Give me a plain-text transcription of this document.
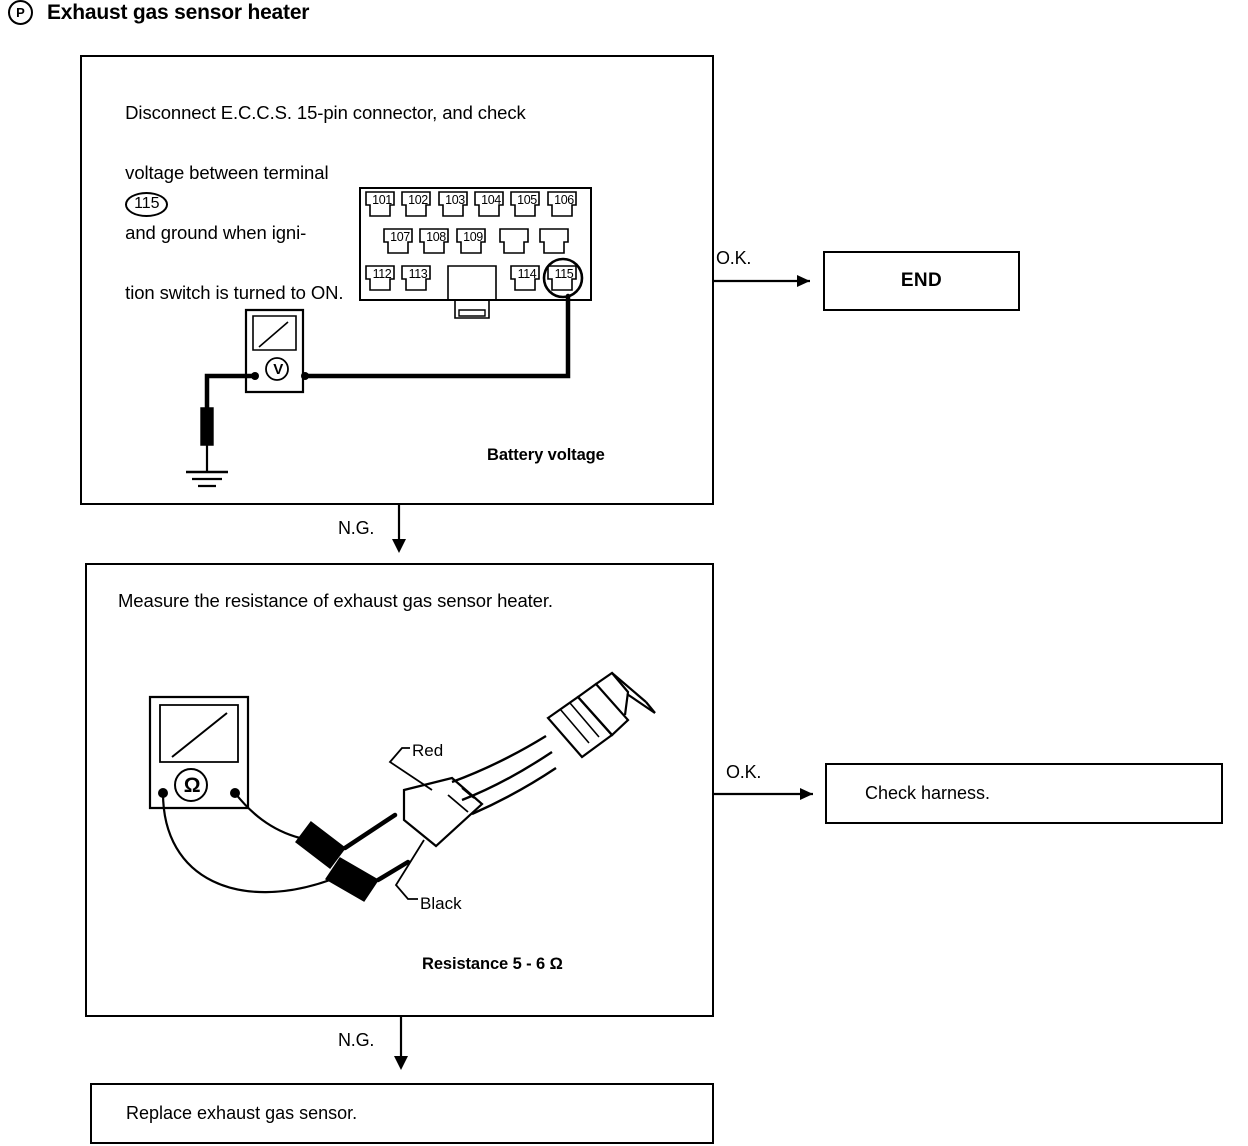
P	Exhaust gas sensor heater

Disconnect E.C.C.S. 15-pin connector, and check

voltage between terminal
115
and ground when igni-

tion switch is turned to ON.

101	102	103	104	105	106
107	108	109
112	113	114	115
V
Battery voltage
O.K.
N.G.
O.K.
N.G.
END
Measure the resistance of exhaust gas sensor heater.
Ω
Red
Black
Resistance 5 - 6 Ω
Check harness.
Replace exhaust gas sensor.
